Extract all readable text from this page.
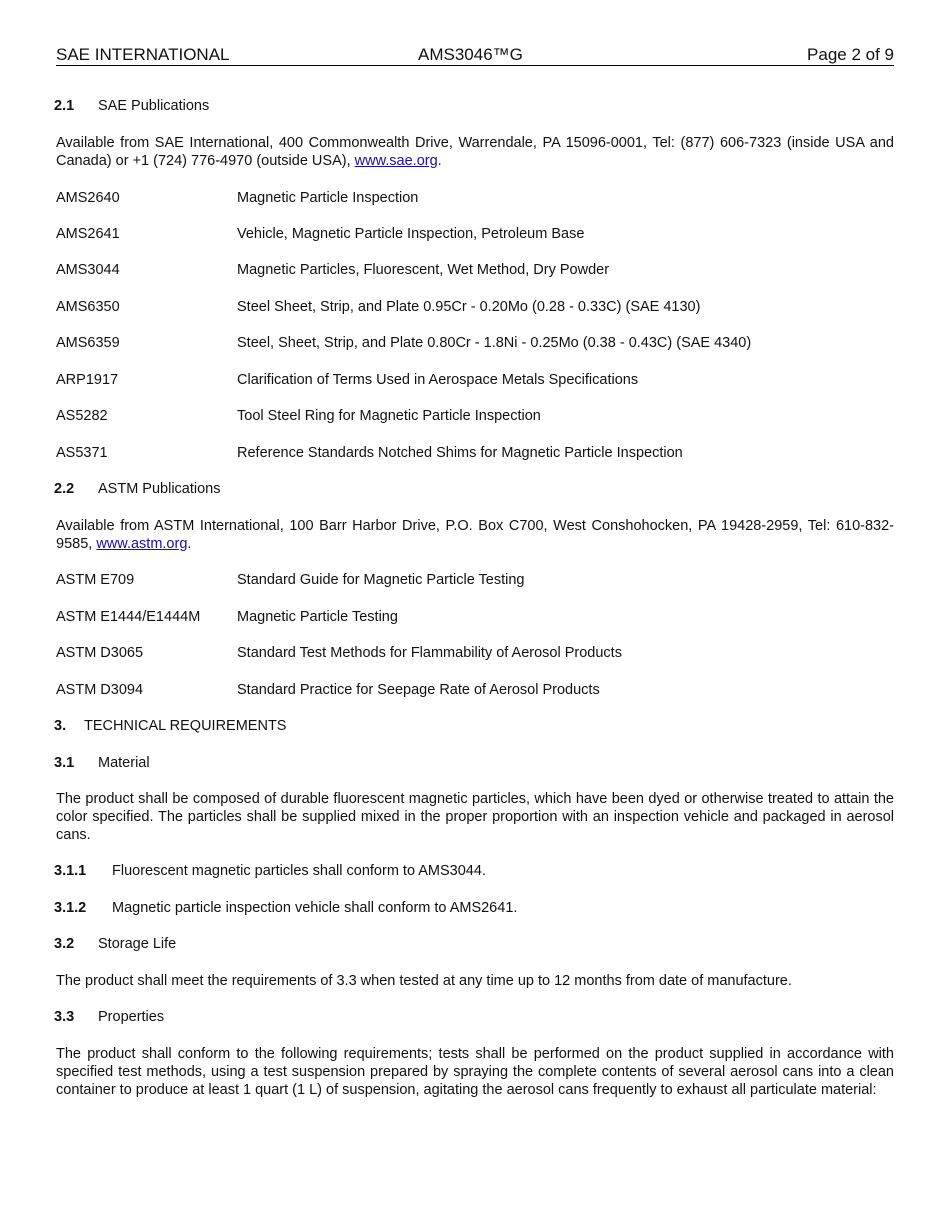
SAE INTERNATIONAL	AMS3046™G	Page 2 of 9
2.1 SAE Publications
Available from SAE International, 400 Commonwealth Drive, Warrendale, PA 15096-0001, Tel: (877) 606-7323 (inside USA and Canada) or +1 (724) 776-4970 (outside USA), www.sae.org.
AMS2640	Magnetic Particle Inspection
AMS2641	Vehicle, Magnetic Particle Inspection, Petroleum Base
AMS3044	Magnetic Particles, Fluorescent, Wet Method, Dry Powder
AMS6350	Steel Sheet, Strip, and Plate 0.95Cr - 0.20Mo (0.28 - 0.33C) (SAE 4130)
AMS6359	Steel, Sheet, Strip, and Plate 0.80Cr - 1.8Ni - 0.25Mo (0.38 - 0.43C) (SAE 4340)
ARP1917	Clarification of Terms Used in Aerospace Metals Specifications
AS5282	Tool Steel Ring for Magnetic Particle Inspection
AS5371	Reference Standards Notched Shims for Magnetic Particle Inspection
2.2 ASTM Publications
Available from ASTM International, 100 Barr Harbor Drive, P.O. Box C700, West Conshohocken, PA 19428-2959, Tel: 610-832-9585, www.astm.org.
ASTM E709	Standard Guide for Magnetic Particle Testing
ASTM E1444/E1444M	Magnetic Particle Testing
ASTM D3065	Standard Test Methods for Flammability of Aerosol Products
ASTM D3094	Standard Practice for Seepage Rate of Aerosol Products
3. TECHNICAL REQUIREMENTS
3.1 Material
The product shall be composed of durable fluorescent magnetic particles, which have been dyed or otherwise treated to attain the color specified. The particles shall be supplied mixed in the proper proportion with an inspection vehicle and packaged in aerosol cans.
3.1.1 Fluorescent magnetic particles shall conform to AMS3044.
3.1.2 Magnetic particle inspection vehicle shall conform to AMS2641.
3.2 Storage Life
The product shall meet the requirements of 3.3 when tested at any time up to 12 months from date of manufacture.
3.3 Properties
The product shall conform to the following requirements; tests shall be performed on the product supplied in accordance with specified test methods, using a test suspension prepared by spraying the complete contents of several aerosol cans into a clean container to produce at least 1 quart (1 L) of suspension, agitating the aerosol cans frequently to exhaust all particulate material:
